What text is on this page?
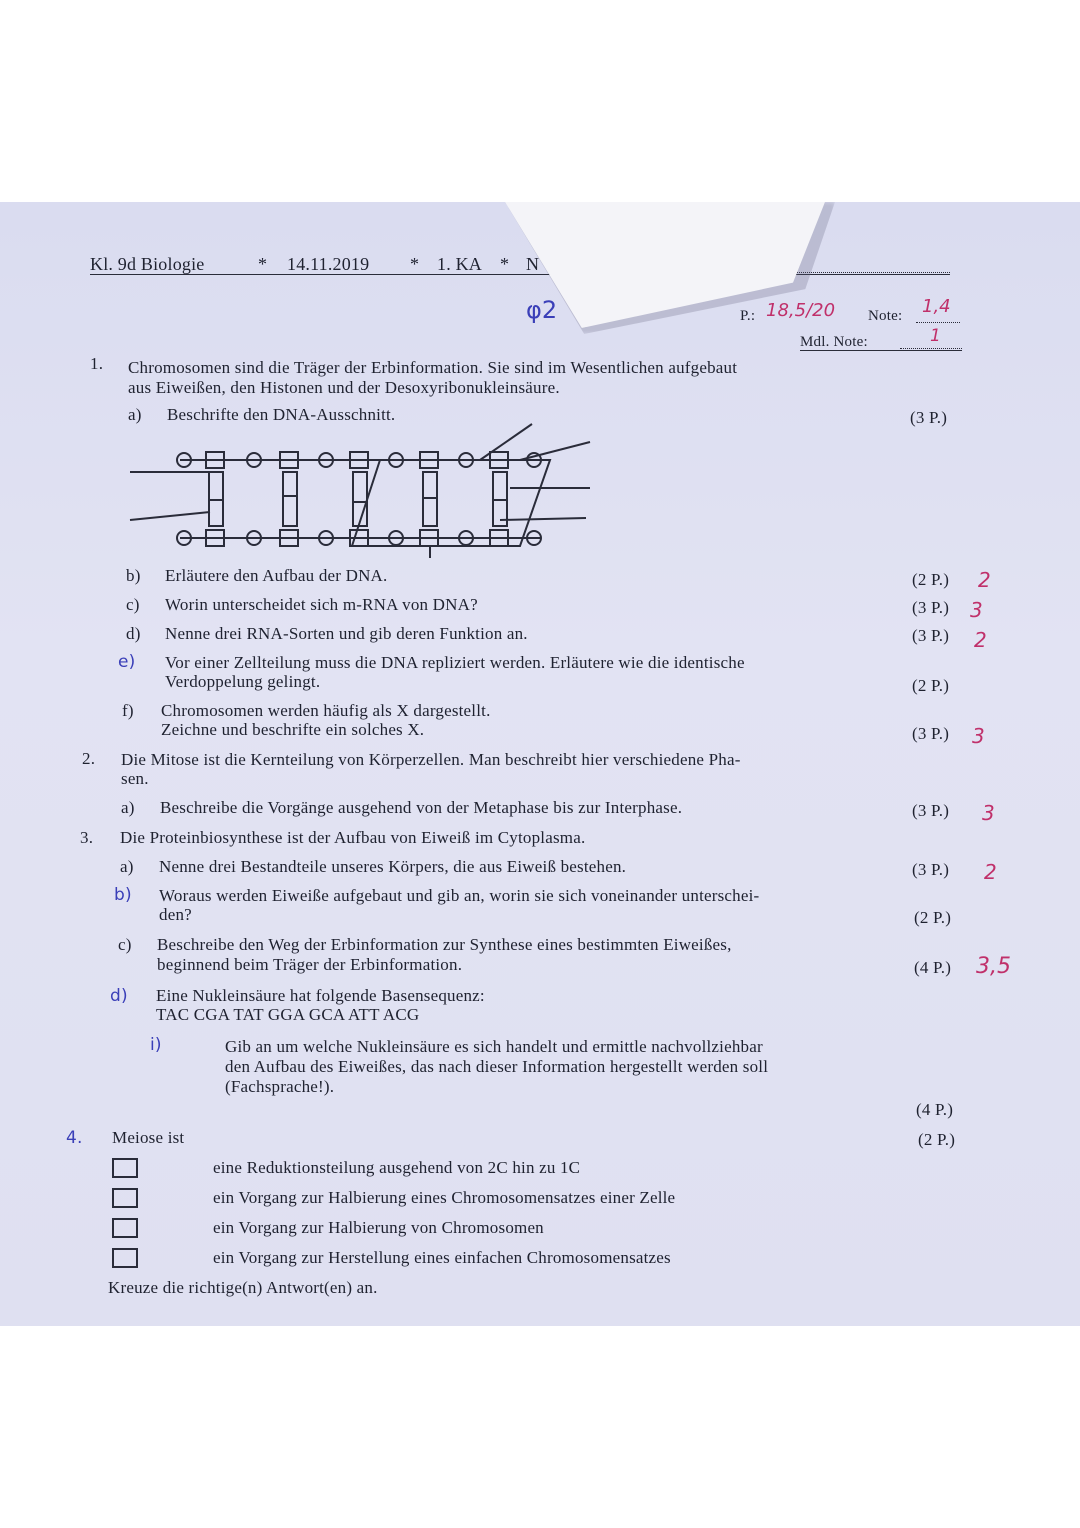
Kl. 9d Biologie	* 14.11.2019 * 1. KA * N
φ2	P.: 18,5/20 Note: 1,4
Mdl. Note:	1
1. Chromosomen sind die Träger der Erbinformation. Sie sind im Wesentlichen aufgebaut
aus Eiweißen, den Histonen und der Desoxyribonukleinsäure.
a) Beschrifte den DNA-Ausschnitt.	(3 P.)
b) Erläutere den Aufbau der DNA.	(2 P.) 2
c) Worin unterscheidet sich m-RNA von DNA?	(3 P.) 3
d) Nenne drei RNA-Sorten und gib deren Funktion an.	(3 P.) 2
e) Vor einer Zellteilung muss die DNA repliziert werden. Erläutere wie die identische
Verdoppelung gelingt.	(2 P.)
f) Chromosomen werden häufig als X dargestellt.
Zeichne und beschrifte ein solches X.	(3 P.) 3
2. Die Mitose ist die Kernteilung von Körperzellen. Man beschreibt hier verschiedene Pha-
sen.
a) Beschreibe die Vorgänge ausgehend von der Metaphase bis zur Interphase.	(3 P.) 3
3. Die Proteinbiosynthese ist der Aufbau von Eiweiß im Cytoplasma.
a) Nenne drei Bestandteile unseres Körpers, die aus Eiweiß bestehen.	(3 P.) 2
b) Woraus werden Eiweiße aufgebaut und gib an, worin sie sich voneinander unterschei-
den?	(2 P.)
c) Beschreibe den Weg der Erbinformation zur Synthese eines bestimmten Eiweißes,
beginnend beim Träger der Erbinformation.	(4 P.) 3,5
d) Eine Nukleinsäure hat folgende Basensequenz:
TAC CGA TAT GGA GCA ATT ACG
i)	Gib an um welche Nukleinsäure es sich handelt und ermittle nachvollziehbar
den Aufbau des Eiweißes, das nach dieser Information hergestellt werden soll
(Fachsprache!).
(4 P.)
4. Meiose ist	(2 P.)
eine Reduktionsteilung ausgehend von 2C hin zu 1C
ein Vorgang zur Halbierung eines Chromosomensatzes einer Zelle
ein Vorgang zur Halbierung von Chromosomen
ein Vorgang zur Herstellung eines einfachen Chromosomensatzes
Kreuze die richtige(n) Antwort(en) an.
